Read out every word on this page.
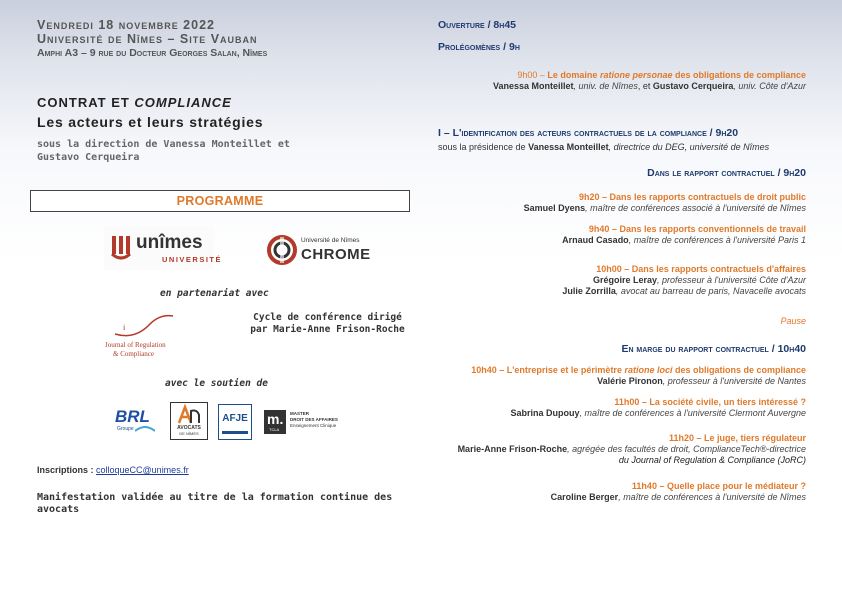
Vendredi 18 novembre 2022
Université de Nîmes – Site Vauban
Amphi A3 – 9 rue du Docteur Georges Salan, Nîmes
CONTRAT ET COMPLIANCE
Les acteurs et leurs stratégies
sous la direction de Vanessa Monteillet et Gustavo Cerqueira
PROGRAMME
unîmes
UNIVERSITÉ
Université de Nîmes
CHROME
en partenariat avec
i
Journal of Regulation
& Compliance
Cycle de conférence dirigé par Marie-Anne Frison-Roche
avec le soutien de
BRL
Groupe	AVOCATS
DE NÎMES
AFJE m.
TCLA
MASTER
DROIT DES AFFAIRES
Enseignement Clinique
Inscriptions : colloqueCC@unimes.fr
Manifestation validée au titre de la formation continue des avocats
Ouverture / 8h45
Prolégomènes / 9h
9h00 – Le domaine ratione personae des obligations de compliance
Vanessa Monteillet, univ. de Nîmes, et Gustavo Cerqueira, univ. Côte d'Azur
I – L'identification des acteurs contractuels de la compliance / 9h20
sous la présidence de Vanessa Monteillet, directrice du DEG, université de Nîmes
Dans le rapport contractuel / 9h20
9h20 – Dans les rapports contractuels de droit public
Samuel Dyens, maître de conférences associé à l'université de Nîmes
9h40 – Dans les rapports conventionnels de travail
Arnaud Casado, maître de conférences à l'université Paris 1
10h00 – Dans les rapports contractuels d'affaires
Grégoire Leray, professeur à l'université Côte d'Azur
Julie Zorrilla, avocat au barreau de paris, Navacelle avocats
Pause
En marge du rapport contractuel / 10h40
10h40 – L'entreprise et le périmètre ratione loci des obligations de compliance
Valérie Pironon, professeur à l'université de Nantes
11h00 – La société civile, un tiers intéressé ?
Sabrina Dupouy, maître de conférences à l'université Clermont Auvergne
11h20 – Le juge, tiers régulateur
Marie-Anne Frison-Roche, agrégée des facultés de droit, ComplianceTech®-directrice
du Journal of Regulation & Compliance (JoRC)
11h40 – Quelle place pour le médiateur ?
Caroline Berger, maître de conférences à l'université de Nîmes
